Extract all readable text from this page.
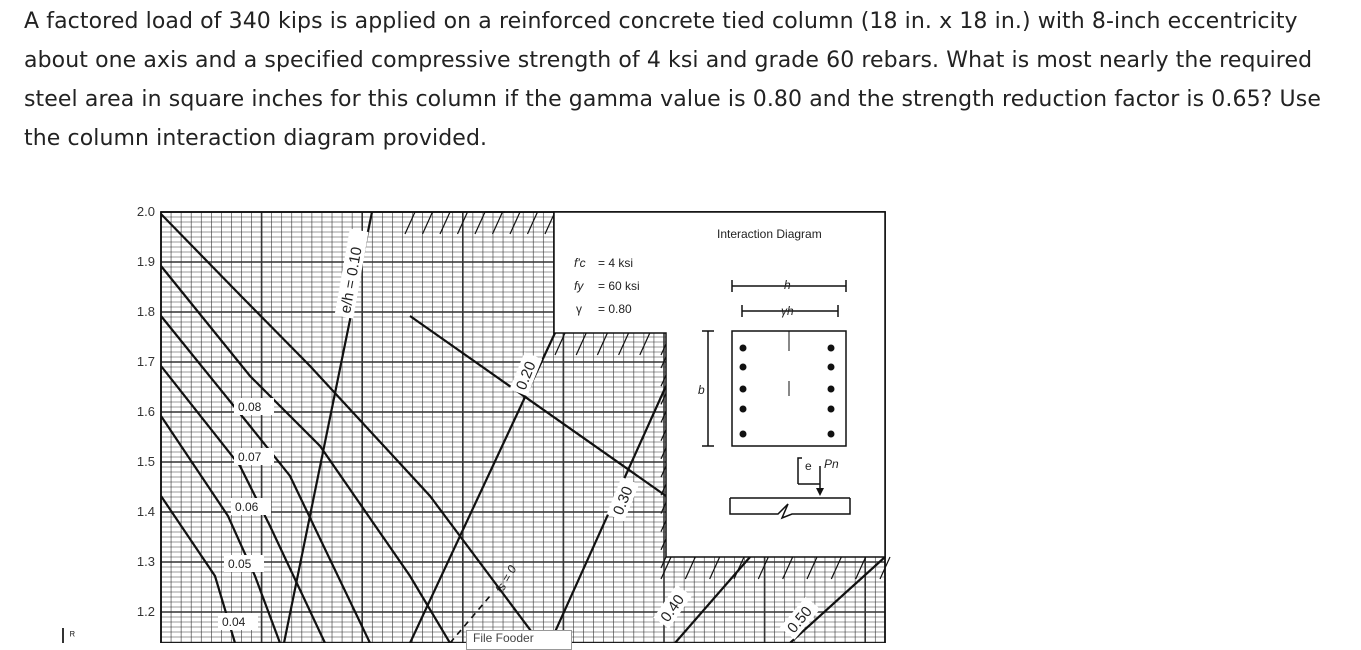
A factored load of 340 kips is applied on a reinforced concrete tied column (18 in. x 18 in.) with 8-inch eccentricity about one axis and a specified compressive strength of 4 ksi and grade 60 rebars. What is most nearly the required steel area in square inches for this column if the gamma value is 0.80 and the strength reduction factor is 0.65? Use the column interaction diagram provided.

2.0
1.9
1.8
1.7
1.6
1.5
1.4
1.3
1.2
0.08
0.07
0.06
0.05
0.04
e/h = 0.10
0.20
0.30
0.40	0.50
Interaction Diagram
f'c = 4 ksi
fy = 60 ksi
γ = 0.80
h
γh
b
e Pn
fs = 0
File Fooder
ᴿ
